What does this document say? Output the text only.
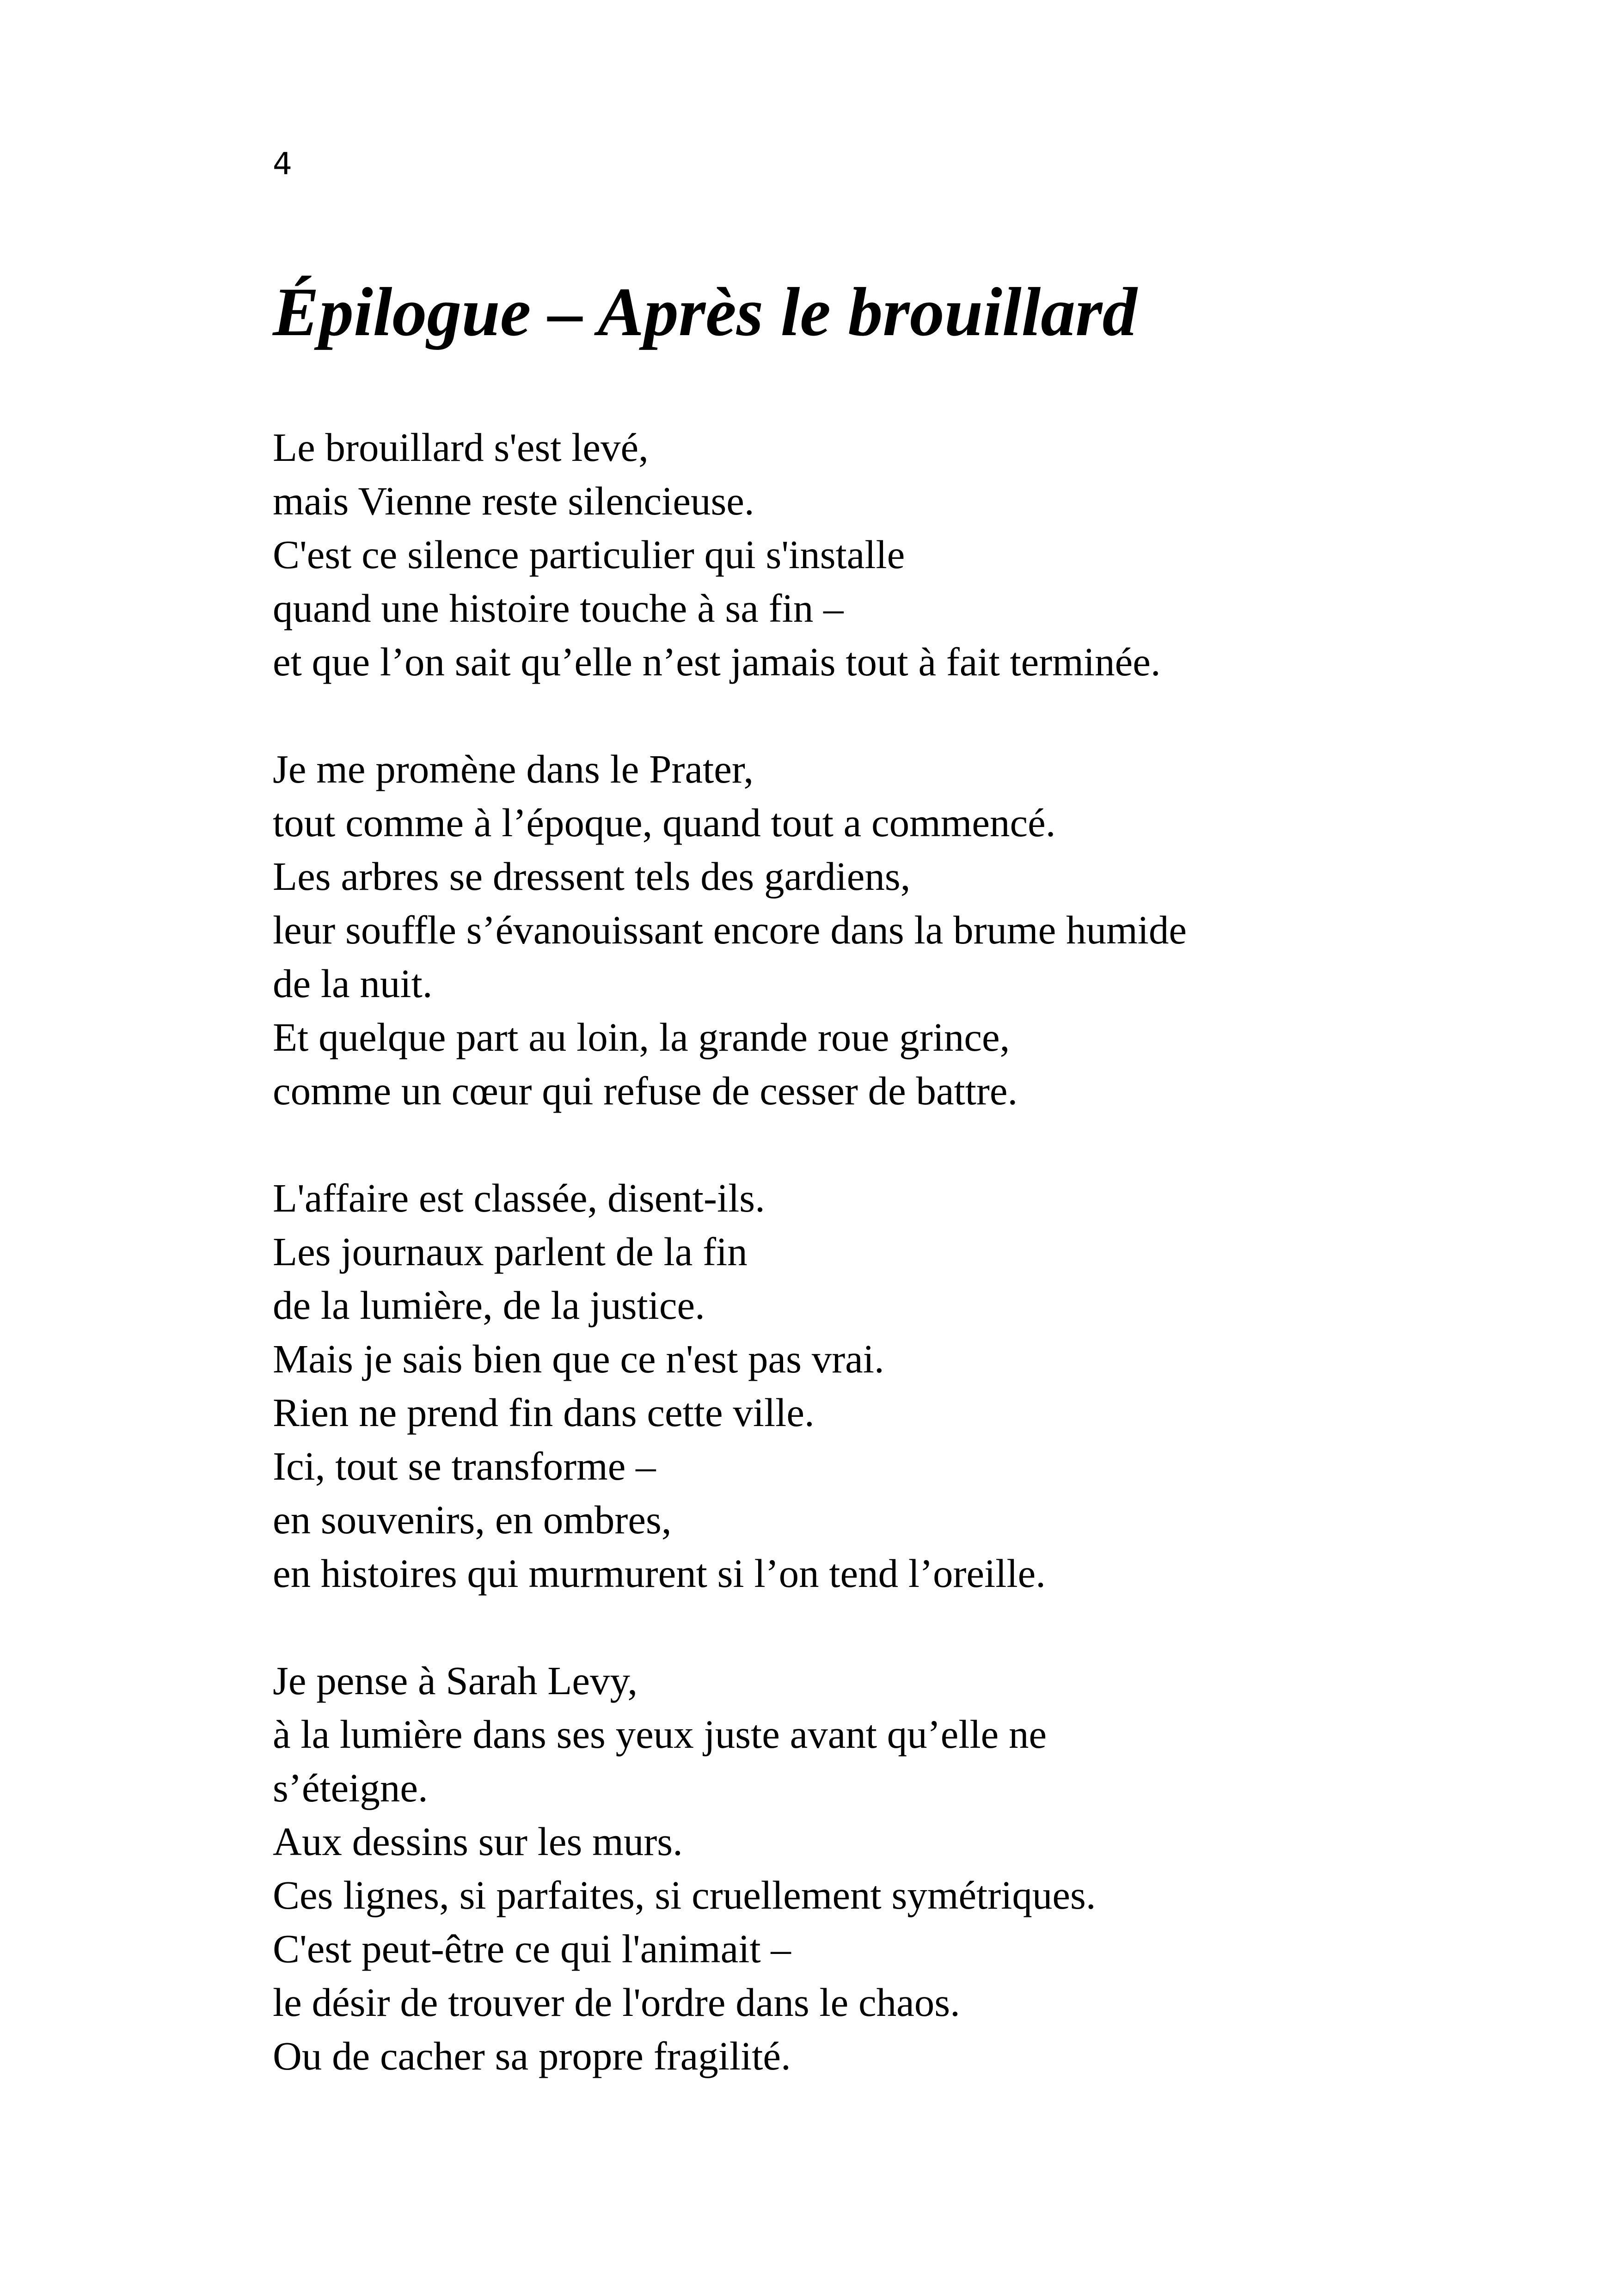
4
Épilogue – Après le brouillard
Le brouillard s'est levé,
mais Vienne reste silencieuse.
C'est ce silence particulier qui s'installe
quand une histoire touche à sa fin –
et que l’on sait qu’elle n’est jamais tout à fait terminée.
Je me promène dans le Prater,
tout comme à l’époque, quand tout a commencé.
Les arbres se dressent tels des gardiens,
leur souffle s’évanouissant encore dans la brume humide
de la nuit.
Et quelque part au loin, la grande roue grince,
comme un cœur qui refuse de cesser de battre.
L'affaire est classée, disent-ils.
Les journaux parlent de la fin
de la lumière, de la justice.
Mais je sais bien que ce n'est pas vrai.
Rien ne prend fin dans cette ville.
Ici, tout se transforme –
en souvenirs, en ombres,
en histoires qui murmurent si l’on tend l’oreille.
Je pense à Sarah Levy,
à la lumière dans ses yeux juste avant qu’elle ne
s’éteigne.
Aux dessins sur les murs.
Ces lignes, si parfaites, si cruellement symétriques.
C'est peut-être ce qui l'animait –
le désir de trouver de l'ordre dans le chaos.
Ou de cacher sa propre fragilité.
